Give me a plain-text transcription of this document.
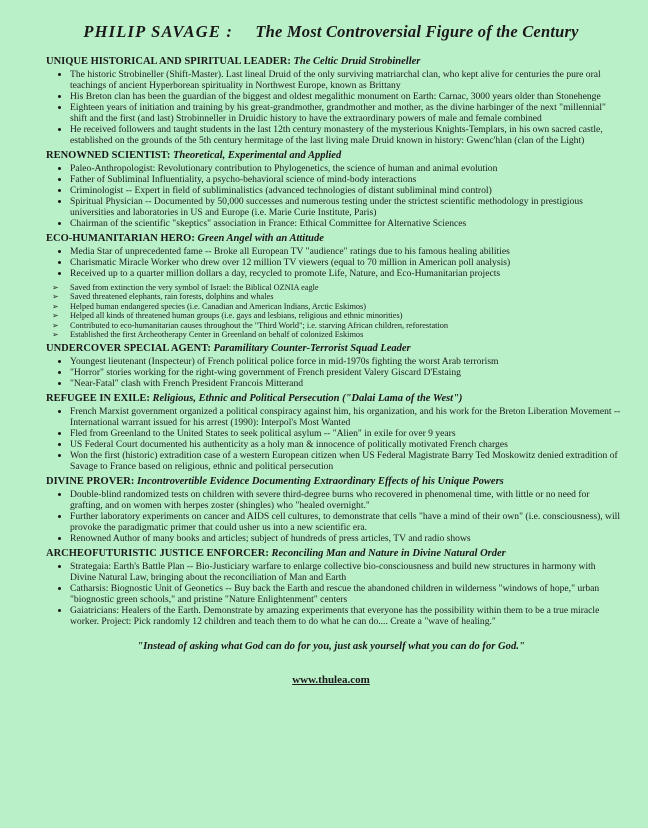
PHILIP SAVAGE : The Most Controversial Figure of the Century
UNIQUE HISTORICAL AND SPIRITUAL LEADER: The Celtic Druid Strobineller
• The historic Strobineller (Shift-Master). Last lineal Druid of the only surviving matriarchal clan, who kept alive for centuries the pure oral teachings of ancient Hyperborean spirituality in Northwest Europe, known as Brittany
• His Breton clan has been the guardian of the biggest and oldest megalithic monument on Earth: Carnac, 3000 years older than Stonehenge
• Eighteen years of initiation and training by his great-grandmother, grandmother and mother, as the divine harbinger of the next "millennial" shift and the first (and last) Strobinneller in Druidic history to have the extraordinary powers of male and female combined
• He received followers and taught students in the last 12th century monastery of the mysterious Knights-Templars, in his own sacred castle, established on the grounds of the 5th century hermitage of the last living male Druid known in history: Gwenc'hlan (clan of the Light)
RENOWNED SCIENTIST: Theoretical, Experimental and Applied
• Paleo-Anthropologist: Revolutionary contribution to Phylogenetics, the science of human and animal evolution
• Father of Subliminal Influentiality, a psycho-behavioral science of mind-body interactions
• Criminologist -- Expert in field of subliminalistics (advanced technologies of distant subliminal mind control)
• Spiritual Physician -- Documented by 50,000 successes and numerous testing under the strictest scientific methodology in prestigious universities and laboratories in US and Europe (i.e. Marie Curie Institute, Paris)
• Chairman of the scientific "skeptics" association in France: Ethical Committee for Alternative Sciences
ECO-HUMANITARIAN HERO: Green Angel with an Attitude
• Media Star of unprecedented fame -- Broke all European TV "audience" ratings due to his famous healing abilities
• Charismatic Miracle Worker who drew over 12 million TV viewers (equal to 70 million in American poll analysis)
• Received up to a quarter million dollars a day, recycled to promote Life, Nature, and Eco-Humanitarian projects
➢ Saved from extinction the very symbol of Israel: the Biblical OZNIA eagle
➢ Saved threatened elephants, rain forests, dolphins and whales
➢ Helped human endangered species (i.e. Canadian and American Indians, Arctic Eskimos)
➢ Helped all kinds of threatened human groups (i.e. gays and lesbians, religious and ethnic minorities)
➢ Contributed to eco-humanitarian causes throughout the "Third World"; i.e. starving African children, reforestation
➢ Established the first Archeotherapy Center in Greenland on behalf of colonized Eskimos
UNDERCOVER SPECIAL AGENT: Paramilitary Counter-Terrorist Squad Leader
• Youngest lieutenant (Inspecteur) of French political police force in mid-1970s fighting the worst Arab terrorism
• "Horror" stories working for the right-wing government of French president Valery Giscard D'Estaing
• "Near-Fatal" clash with French President Francois Mitterand
REFUGEE IN EXILE: Religious, Ethnic and Political Persecution ("Dalai Lama of the West")
• French Marxist government organized a political conspiracy against him, his organization, and his work for the Breton Liberation Movement -- International warrant issued for his arrest (1990): Interpol's Most Wanted
• Fled from Greenland to the United States to seek political asylum -- "Alien" in exile for over 9 years
• US Federal Court documented his authenticity as a holy man & innocence of politically motivated French charges
• Won the first (historic) extradition case of a western European citizen when US Federal Magistrate Barry Ted Moskowitz denied extradition of Savage to France based on religious, ethnic and political persecution
DIVINE PROVER: Incontrovertible Evidence Documenting Extraordinary Effects of his Unique Powers
• Double-blind randomized tests on children with severe third-degree burns who recovered in phenomenal time, with little or no need for grafting, and on women with herpes zoster (shingles) who "healed overnight."
• Further laboratory experiments on cancer and AIDS cell cultures, to demonstrate that cells "have a mind of their own" (i.e. consciousness), will provoke the paradigmatic primer that could usher us into a new scientific era.
• Renowned Author of many books and articles; subject of hundreds of press articles, TV and radio shows
ARCHEOFUTURISTIC JUSTICE ENFORCER: Reconciling Man and Nature in Divine Natural Order
• Strategaia: Earth's Battle Plan -- Bio-Justiciary warfare to enlarge collective bio-consciousness and build new structures in harmony with Divine Natural Law, bringing about the reconciliation of Man and Earth
• Catharsis: Biognostic Unit of Geonetics -- Buy back the Earth and rescue the abandoned children in wilderness "windows of hope," urban "biognostic green schools," and pristine "Nature Enlightenment" centers
• Gaiatricians: Healers of the Earth. Demonstrate by amazing experiments that everyone has the possibility within them to be a true miracle worker. Project: Pick randomly 12 children and teach them to do what he can do.... Create a "wave of healing."
"Instead of asking what God can do for you, just ask yourself what you can do for God."
www.thulea.com
